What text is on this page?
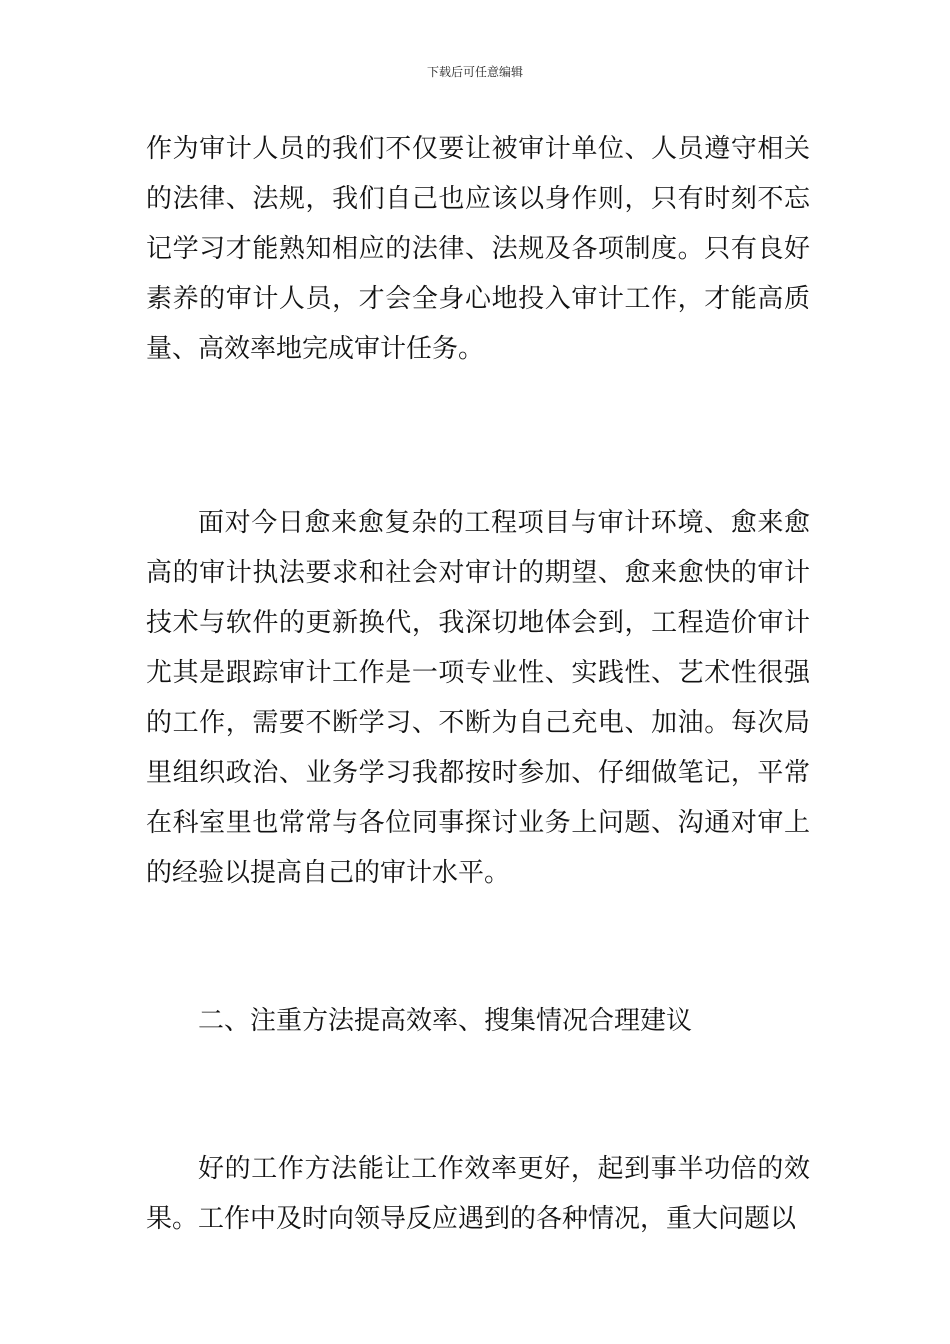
下载后可任意编辑

作为审计人员的我们不仅要让被审计单位、人员遵守相关的法律、法规，我们自己也应该以身作则，只有时刻不忘记学习才能熟知相应的法律、法规及各项制度。只有良好素养的审计人员，才会全身心地投入审计工作，才能高质量、高效率地完成审计任务。

面对今日愈来愈复杂的工程项目与审计环境、愈来愈高的审计执法要求和社会对审计的期望、愈来愈快的审计技术与软件的更新换代，我深切地体会到，工程造价审计尤其是跟踪审计工作是一项专业性、实践性、艺术性很强的工作，需要不断学习、不断为自己充电、加油。每次局里组织政治、业务学习我都按时参加、仔细做笔记，平常在科室里也常常与各位同事探讨业务上问题、沟通对审上的经验以提高自己的审计水平。

二、注重方法提高效率、搜集情况合理建议

好的工作方法能让工作效率更好，起到事半功倍的效果。工作中及时向领导反应遇到的各种情况，重大问题以
